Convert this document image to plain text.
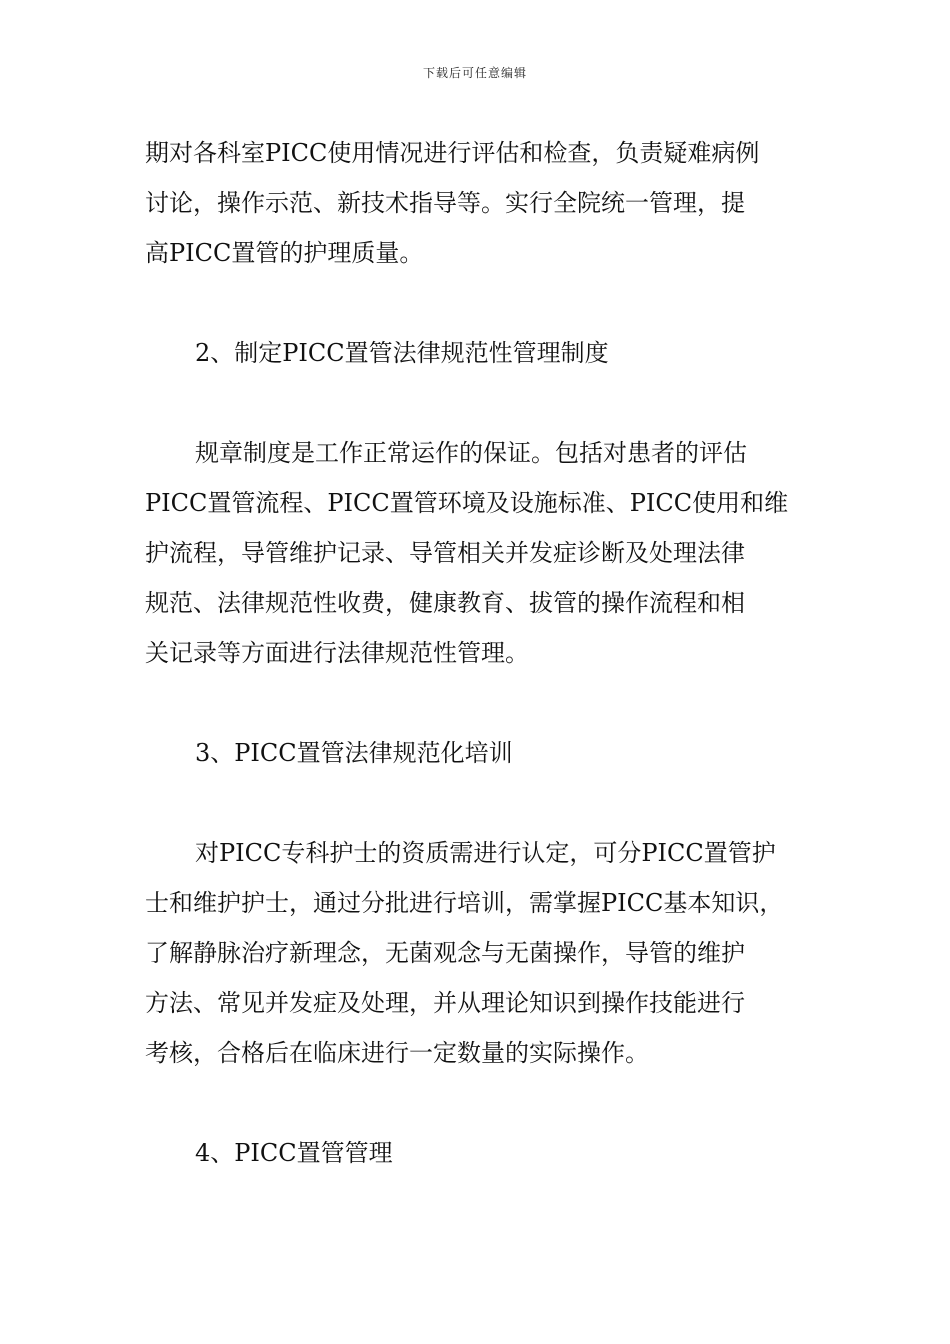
下载后可任意编辑
期对各科室PICC使用情况进行评估和检查，负责疑难病例
讨论，操作示范、新技术指导等。实行全院统一管理，提
高PICC置管的护理质量。
2、制定PICC置管法律规范性管理制度
规章制度是工作正常运作的保证。包括对患者的评估
PICC置管流程、PICC置管环境及设施标准、PICC使用和维
护流程，导管维护记录、导管相关并发症诊断及处理法律
规范、法律规范性收费，健康教育、拔管的操作流程和相
关记录等方面进行法律规范性管理。
3、PICC置管法律规范化培训
对PICC专科护士的资质需进行认定，可分PICC置管护
士和维护护士，通过分批进行培训，需掌握PICC基本知识，
了解静脉治疗新理念，无菌观念与无菌操作，导管的维护
方法、常见并发症及处理，并从理论知识到操作技能进行
考核，合格后在临床进行一定数量的实际操作。
4、PICC置管管理
